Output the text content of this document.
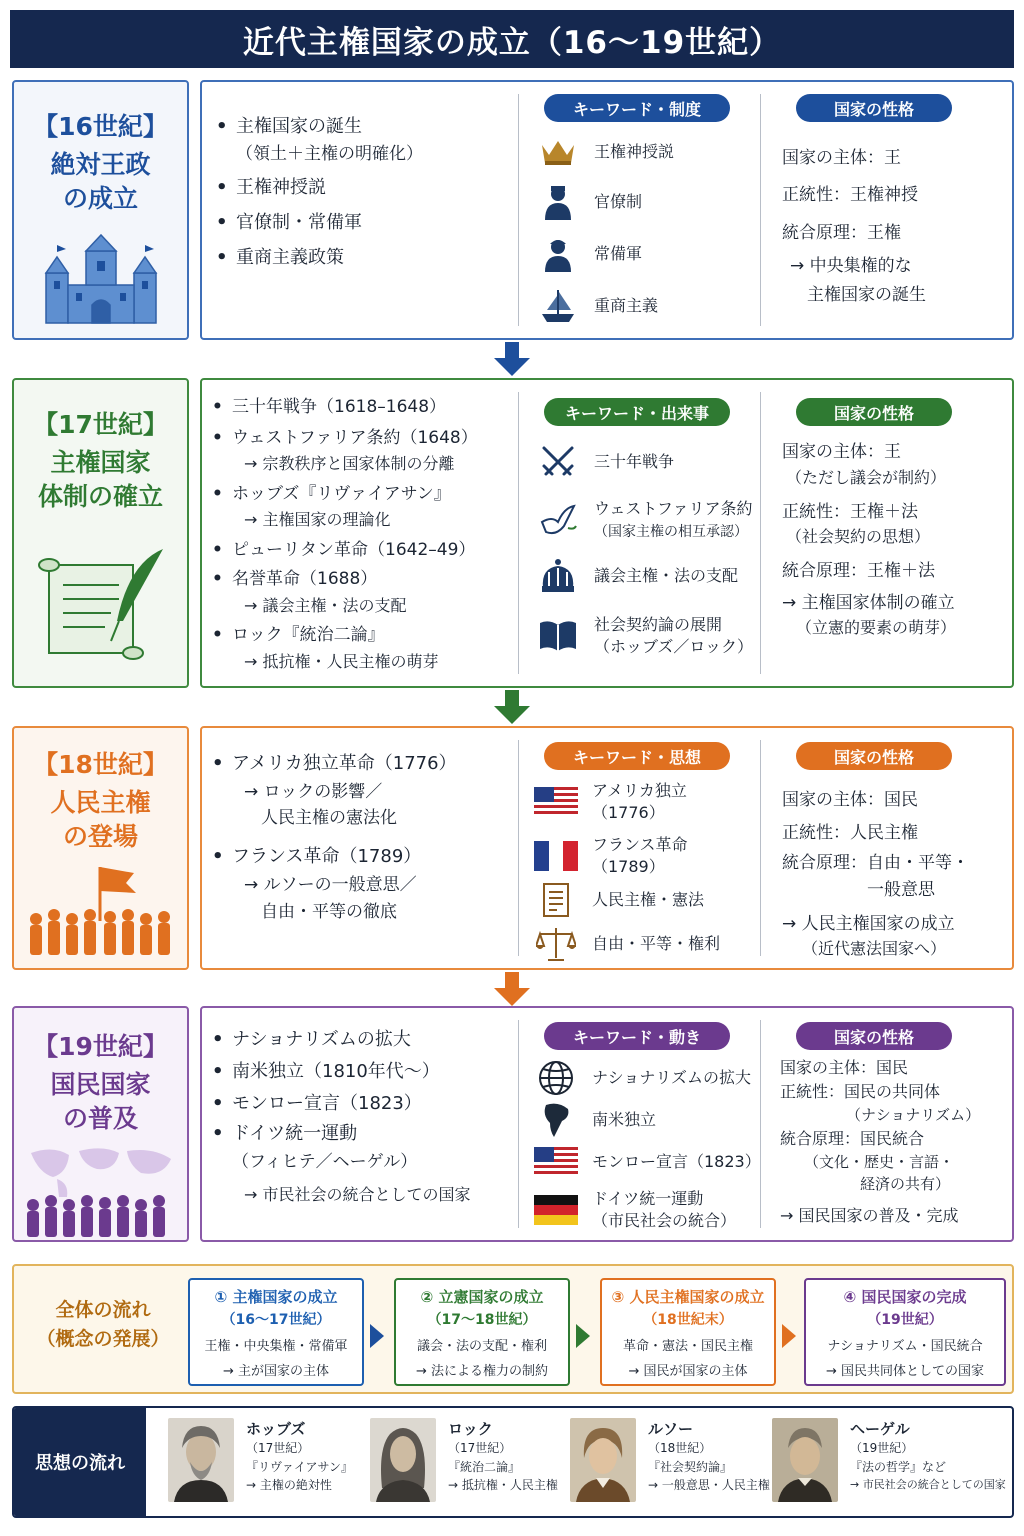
近代主権国家の成立（16〜19世紀）
【16世紀】
絶対王政
の成立
• 主権国家の誕生
（領土＋主権の明確化）
• 王権神授説
• 官僚制・常備軍
• 重商主義政策
キーワード・制度
王権神授説
官僚制
常備軍
重商主義
国家の性格
国家の主体：王
正統性：王権神授
統合原理：王権
→ 中央集権的な
　主権国家の誕生
【17世紀】
主権国家
体制の確立
• 三十年戦争（1618–1648）
• ウェストファリア条約（1648）
→ 宗教秩序と国家体制の分離
• ホッブズ『リヴァイアサン』
→ 主権国家の理論化
• ピューリタン革命（1642–49）
• 名誉革命（1688）
→ 議会主権・法の支配
• ロック『統治二論』
→ 抵抗権・人民主権の萌芽
キーワード・出来事
三十年戦争
ウェストファリア条約
（国家主権の相互承認）
議会主権・法の支配
社会契約論の展開
（ホッブズ／ロック）
国家の性格
国家の主体：王
（ただし議会が制約）
正統性：王権＋法
（社会契約の思想）
統合原理：王権＋法
→ 主権国家体制の確立
（立憲的要素の萌芽）
【18世紀】
人民主権
の登場
• アメリカ独立革命（1776）
→ ロックの影響／
　人民主権の憲法化
• フランス革命（1789）
→ ルソーの一般意思／
　自由・平等の徹底
キーワード・思想
アメリカ独立
（1776）
フランス革命
（1789）
人民主権・憲法
自由・平等・権利
国家の性格
国家の主体：国民
正統性：人民主権
統合原理：自由・平等・
　　　　　一般意思
→ 人民主権国家の成立
（近代憲法国家へ）
【19世紀】
国民国家
の普及
• ナショナリズムの拡大
• 南米独立（1810年代〜）
• モンロー宣言（1823）
• ドイツ統一運動
（フィヒテ／ヘーゲル）
→ 市民社会の統合としての国家
キーワード・動き
ナショナリズムの拡大
南米独立
モンロー宣言（1823）
ドイツ統一運動
（市民社会の統合）
国家の性格
国家の主体：国民
正統性：国民の共同体
（ナショナリズム）
統合原理：国民統合
（文化・歴史・言語・
経済の共有）
→ 国民国家の普及・完成
全体の流れ
（概念の発展）
① 主権国家の成立
（16〜17世紀）
王権・中央集権・常備軍
→ 主が国家の主体
② 立憲国家の成立
（17〜18世紀）
議会・法の支配・権利
→ 法による権力の制約
③ 人民主権国家の成立
（18世紀末）
革命・憲法・国民主権
→ 国民が国家の主体
④ 国民国家の完成
（19世紀）
ナショナリズム・国民統合
→ 国民共同体としての国家
思想の流れ
ホッブズ
（17世紀）
『リヴァイアサン』
→ 主権の絶対性
ロック
（17世紀）
『統治二論』
→ 抵抗権・人民主権
ルソー
（18世紀）
『社会契約論』
→ 一般意思・人民主権
ヘーゲル
（19世紀）
『法の哲学』など
→ 市民社会の統合としての国家
